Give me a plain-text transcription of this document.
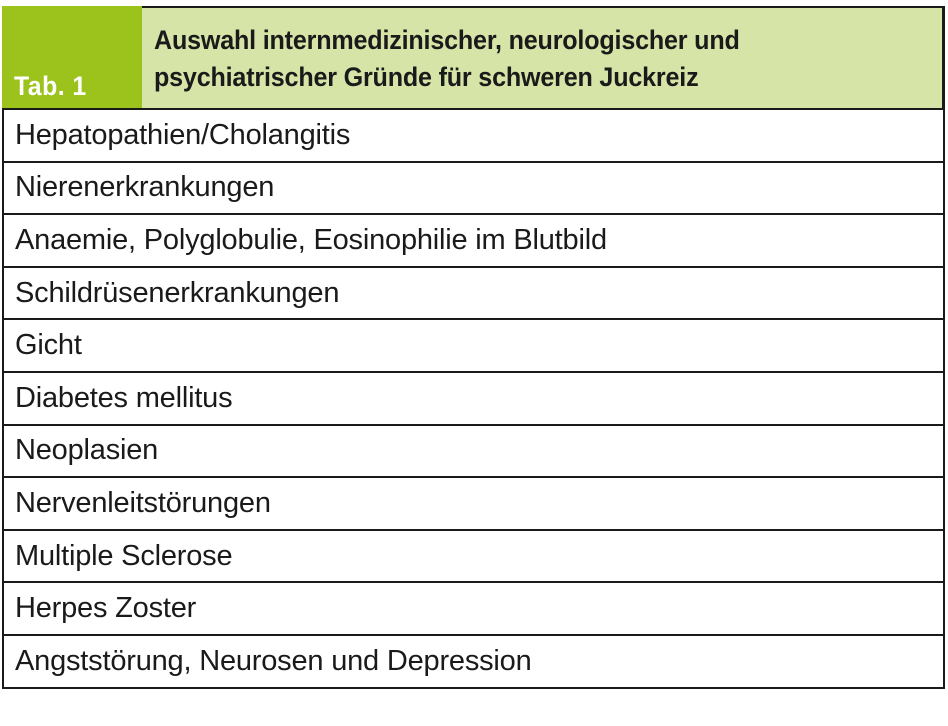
Tab. 1
Auswahl internmedizinischer, neurologischer und
psychiatrischer Gründe für schweren Juckreiz
Hepatopathien/Cholangitis
Nierenerkrankungen
Anaemie, Polyglobulie, Eosinophilie im Blutbild
Schildrüsenerkrankungen
Gicht
Diabetes mellitus
Neoplasien
Nervenleitstörungen
Multiple Sclerose
Herpes Zoster
Angststörung, Neurosen und Depression
